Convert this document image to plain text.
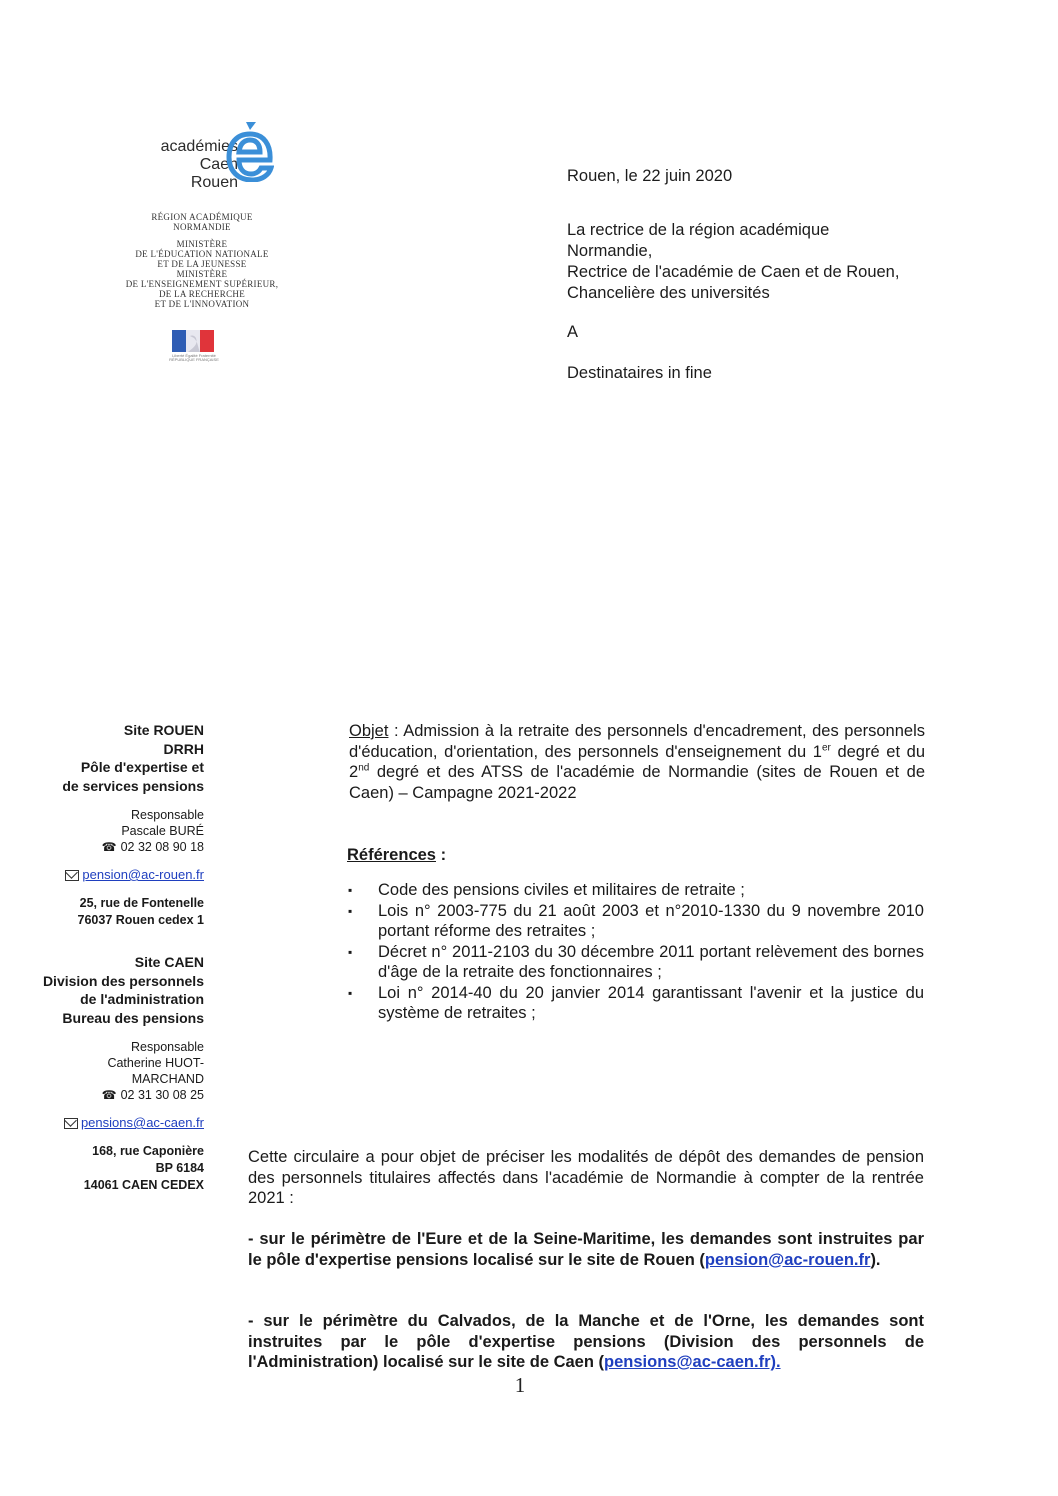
académies
Caen
Rouen
RÉGION ACADÉMIQUE
NORMANDIE
MINISTÈRE
DE L'ÉDUCATION NATIONALE
ET DE LA JEUNESSE
MINISTÈRE
DE L'ENSEIGNEMENT SUPÉRIEUR,
DE LA RECHERCHE
ET DE L'INNOVATION
Liberté Égalité Fraternité RÉPUBLIQUE FRANÇAISE
Rouen, le 22 juin 2020
La rectrice de la région académique
Normandie,
Rectrice de l'académie de Caen et de Rouen,
Chancelière des universités
A
Destinataires in fine
Site ROUEN
DRRH
Pôle d'expertise et
de services pensions
Responsable
Pascale BURÉ
☎ 02 32 08 90 18
pension@ac-rouen.fr
25, rue de Fontenelle
76037 Rouen cedex 1
Site CAEN
Division des personnels
de l'administration
Bureau des pensions
Responsable
Catherine HUOT-
MARCHAND
☎ 02 31 30 08 25
pensions@ac-caen.fr
168, rue Caponière
BP 6184
14061 CAEN CEDEX
Objet : Admission à la retraite des personnels d'encadrement, des personnels d'éducation, d'orientation, des personnels d'enseignement du 1er degré et du 2nd degré et des ATSS de l'académie de Normandie (sites de Rouen et de Caen) – Campagne 2021-2022
Références :
▪ Code des pensions civiles et militaires de retraite ;
▪ Lois n° 2003-775 du 21 août 2003 et n°2010-1330 du 9 novembre 2010 portant réforme des retraites ;
▪ Décret n° 2011-2103 du 30 décembre 2011 portant relèvement des bornes d'âge de la retraite des fonctionnaires ;
▪ Loi n° 2014-40 du 20 janvier 2014 garantissant l'avenir et la justice du système de retraites ;
Cette circulaire a pour objet de préciser les modalités de dépôt des demandes de pension des personnels titulaires affectés dans l'académie de Normandie à compter de la rentrée 2021 :
- sur le périmètre de l'Eure et de la Seine-Maritime, les demandes sont instruites par le pôle d'expertise pensions localisé sur le site de Rouen (pension@ac-rouen.fr).
- sur le périmètre du Calvados, de la Manche et de l'Orne, les demandes sont instruites par le pôle d'expertise pensions (Division des personnels de l'Administration) localisé sur le site de Caen (pensions@ac-caen.fr).
1
